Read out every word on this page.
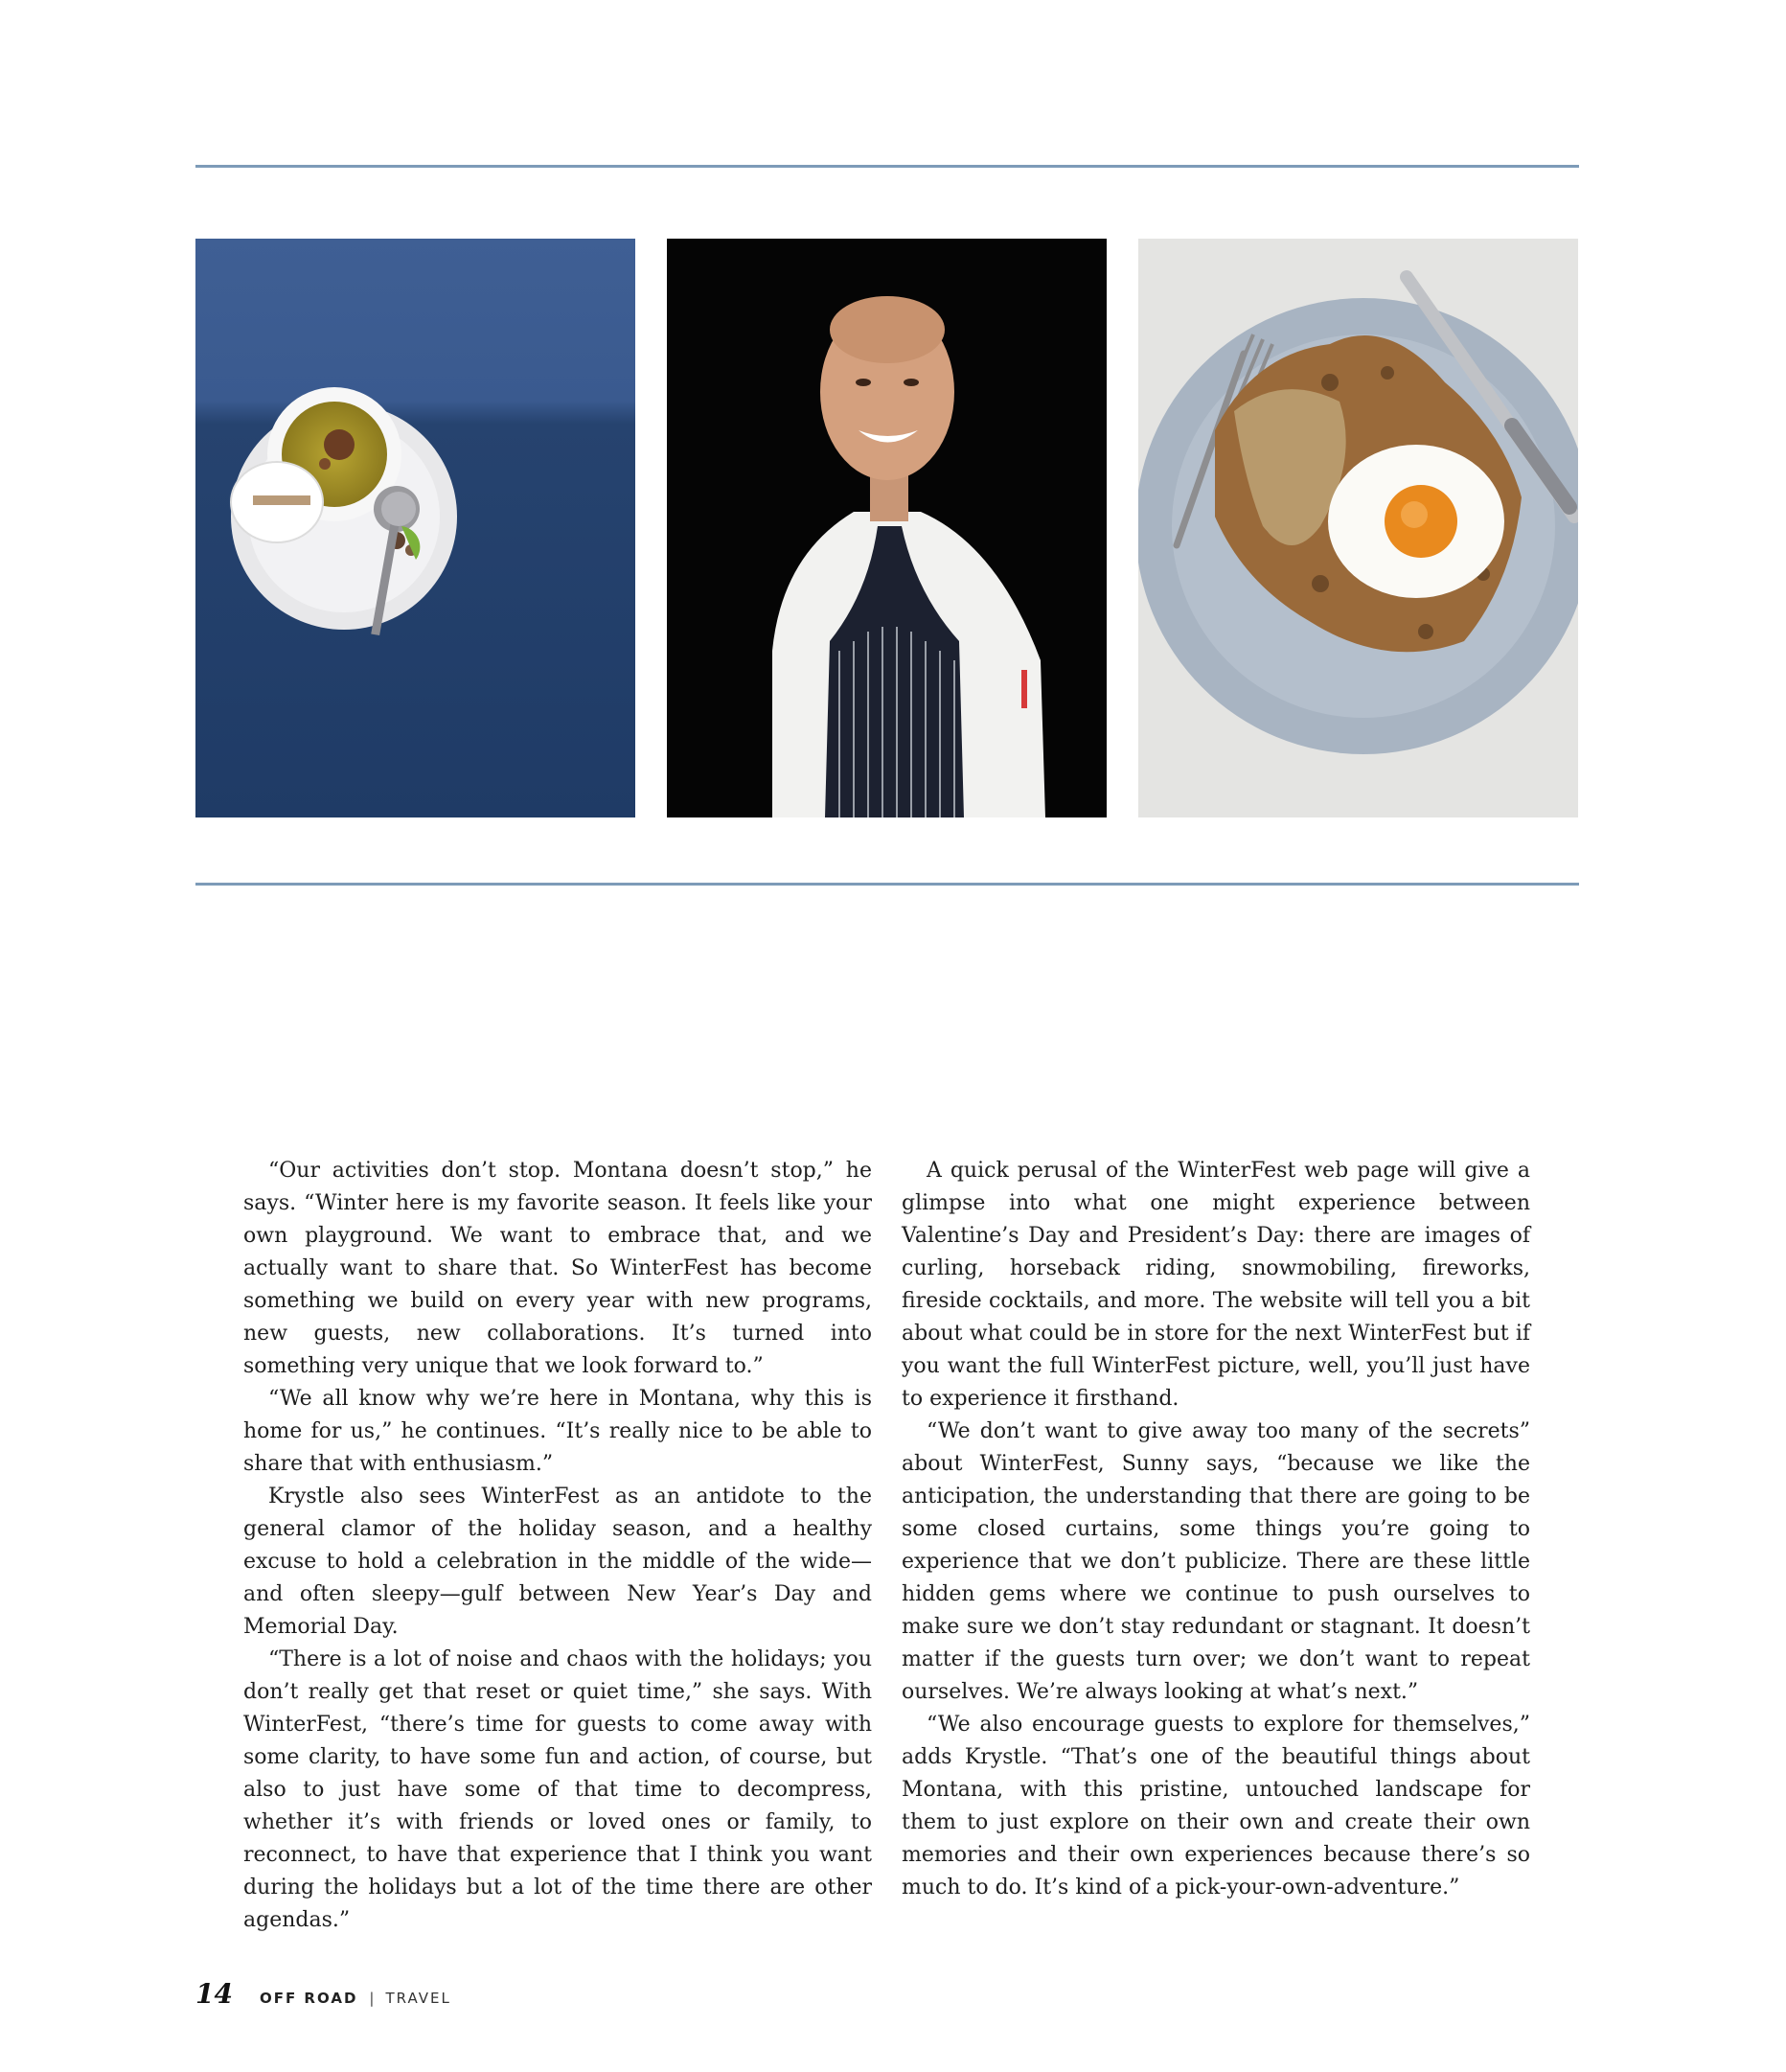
“Our activities don’t stop. Montana doesn’t stop,” he says. “Winter here is my favorite season. It feels like your own playground. We want to embrace that, and we actually want to share that. So WinterFest has become something we build on every year with new programs, new guests, new collaborations. It’s turned into something very unique that we look forward to.”

“We all know why we’re here in Montana, why this is home for us,” he continues. “It’s really nice to be able to share that with enthusiasm.”

Krystle also sees WinterFest as an antidote to the general clamor of the holiday season, and a healthy excuse to hold a celebration in the middle of the wide—and often sleepy—gulf between New Year’s Day and Memorial Day.

“There is a lot of noise and chaos with the holidays; you don’t really get that reset or quiet time,” she says. With WinterFest, “there’s time for guests to come away with some clarity, to have some fun and action, of course, but also to just have some of that time to decompress, whether it’s with friends or loved ones or family, to reconnect, to have that experience that I think you want during the holidays but a lot of the time there are other agendas.”

A quick perusal of the WinterFest web page will give a glimpse into what one might experience between Valentine’s Day and President’s Day: there are images of curling, horseback riding, snowmobiling, fireworks, fireside cocktails, and more. The website will tell you a bit about what could be in store for the next WinterFest but if you want the full WinterFest picture, well, you’ll just have to experience it firsthand.

“We don’t want to give away too many of the secrets” about WinterFest, Sunny says, “because we like the anticipation, the understanding that there are going to be some closed curtains, some things you’re going to experience that we don’t publicize. There are these little hidden gems where we continue to push ourselves to make sure we don’t stay redundant or stagnant. It doesn’t matter if the guests turn over; we don’t want to repeat ourselves. We’re always looking at what’s next.”

“We also encourage guests to explore for themselves,” adds Krystle. “That’s one of the beautiful things about Montana, with this pristine, untouched landscape for them to just explore on their own and create their own memories and their own experiences because there’s so much to do. It’s kind of a pick-your-own-adventure.”

14 OFF ROAD | TRAVEL
